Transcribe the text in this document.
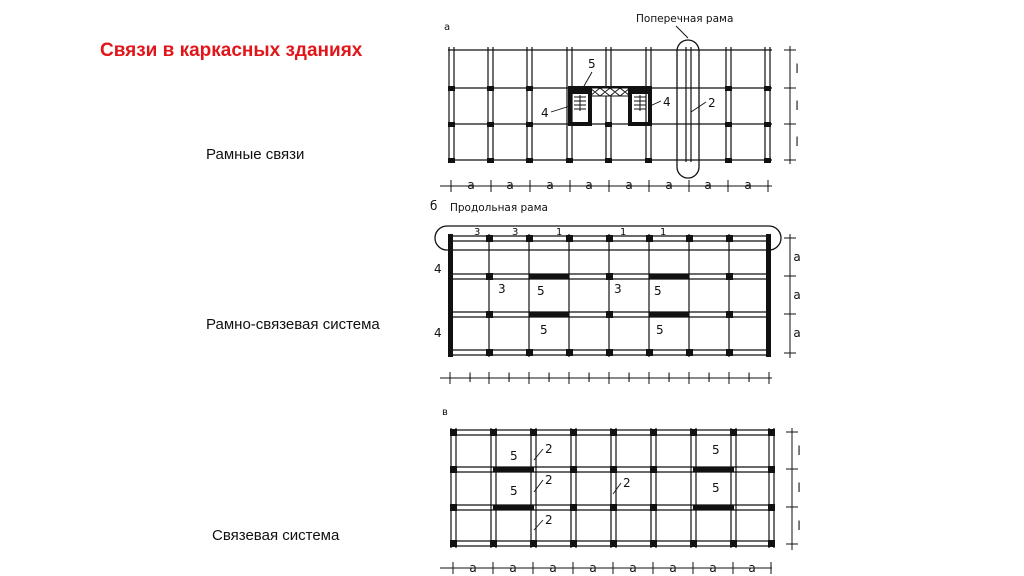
Связи в каркасных зданиях
Рамные связи
Рамно-связевая система
Связевая система
а
Поперечная рама
5
4
4	2
a	a	a	a	a	a	a	a
l
l
l
б Продольная рама
3	3	1	1	1
4
4
3	5	3	5
5	5
l	l	l	l	l	l	l	l
a
a
a
в
5 2	5
5
2	2	5
2
a	a	a	a	a	a	a	a
l
l
l
